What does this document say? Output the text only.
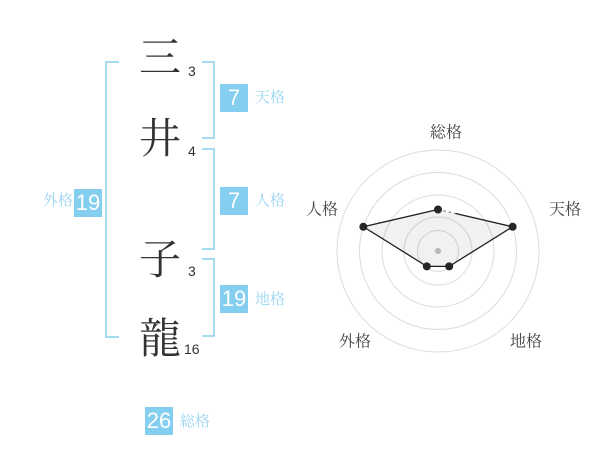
外格 19
三
井
子
龍
3
4
3
16
7 天格
7 人格
19 地格
26 総格
総格
天格
地格
外格
人格
